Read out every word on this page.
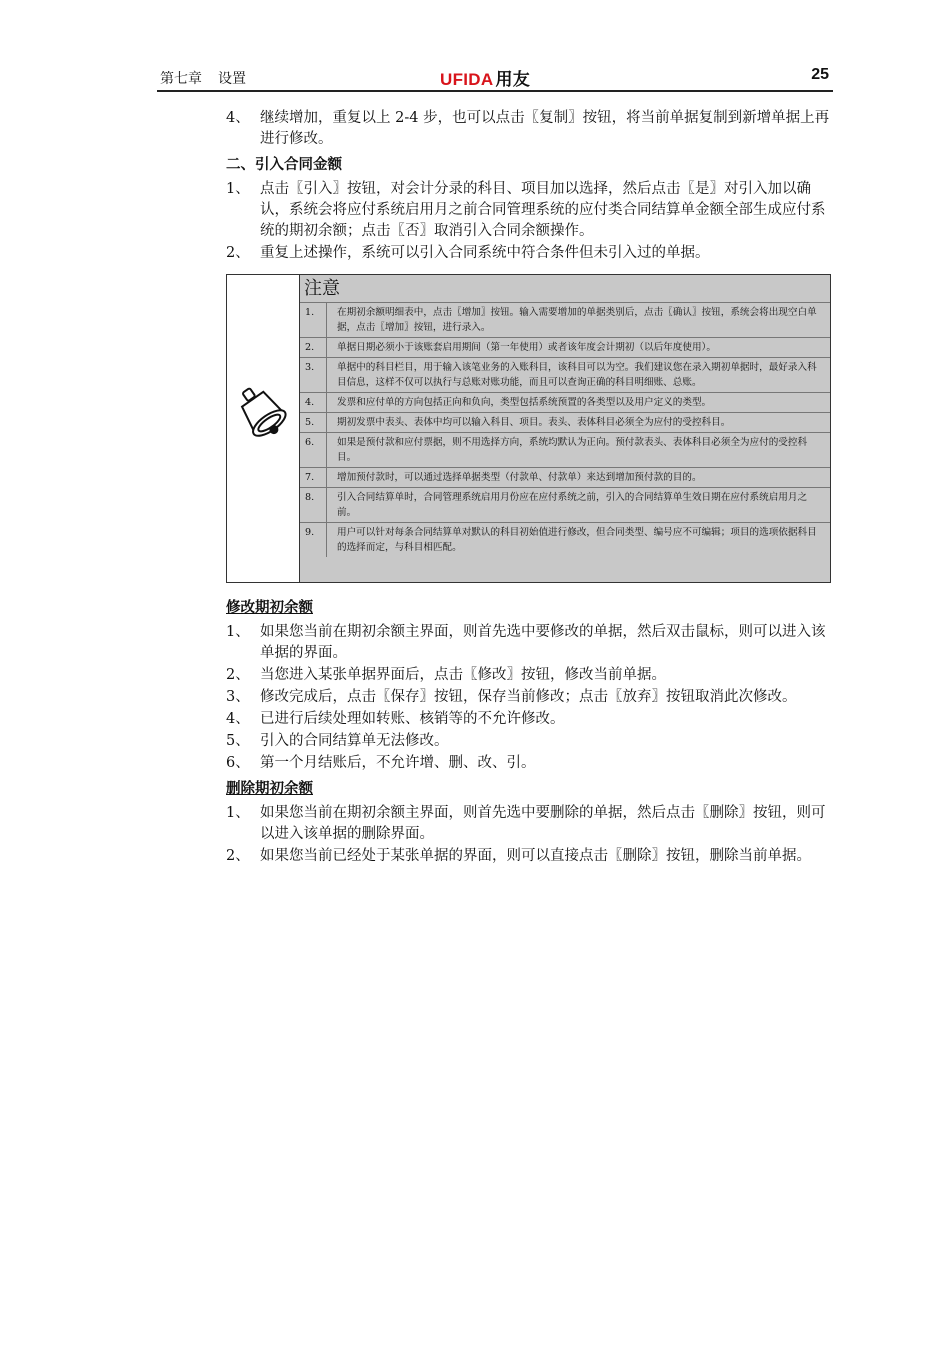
第七章 设置	UFIDA 用友	25
4、 继续增加，重复以上 2-4 步，也可以点击〖复制〗按钮，将当前单据复制到新增单据上再进行修改。
二、引入合同金额
1、 点击〖引入〗按钮，对会计分录的科目、项目加以选择，然后点击〖是〗对引入加以确认，系统会将应付系统启用月之前合同管理系统的应付类合同结算单金额全部生成应付系统的期初余额；点击〖否〗取消引入合同余额操作。
2、 重复上述操作，系统可以引入合同系统中符合条件但未引入过的单据。
注意
1. 在期初余额明细表中，点击〖增加〗按钮。输入需要增加的单据类别后，点击〖确认〗按钮，系统会将出现空白单据，点击〖增加〗按钮，进行录入。
2. 单据日期必须小于该账套启用期间（第一年使用）或者该年度会计期初（以后年度使用）。
3. 单据中的科目栏目，用于输入该笔业务的入账科目，该科目可以为空。我们建议您在录入期初单据时，最好录入科目信息，这样不仅可以执行与总账对账功能，而且可以查询正确的科目明细账、总账。
4. 发票和应付单的方向包括正向和负向，类型包括系统预置的各类型以及用户定义的类型。
5. 期初发票中表头、表体中均可以输入科目、项目。表头、表体科目必须全为应付的受控科目。
6. 如果是预付款和应付票据，则不用选择方向，系统均默认为正向。预付款表头、表体科目必须全为应付的受控科目。
7. 增加预付款时，可以通过选择单据类型（付款单、付款单）来达到增加预付款的目的。
8. 引入合同结算单时，合同管理系统启用月份应在应付系统之前，引入的合同结算单生效日期在应付系统启用月之前。
9. 用户可以针对每条合同结算单对默认的科目初始值进行修改，但合同类型、编号应不可编辑；项目的选项依据科目的选择而定，与科目相匹配。
修改期初余额
1、 如果您当前在期初余额主界面，则首先选中要修改的单据，然后双击鼠标，则可以进入该单据的界面。
2、 当您进入某张单据界面后，点击〖修改〗按钮，修改当前单据。
3、 修改完成后，点击〖保存〗按钮，保存当前修改；点击〖放弃〗按钮取消此次修改。
4、 已进行后续处理如转账、核销等的不允许修改。
5、 引入的合同结算单无法修改。
6、 第一个月结账后，不允许增、删、改、引。
删除期初余额
1、 如果您当前在期初余额主界面，则首先选中要删除的单据，然后点击〖删除〗按钮，则可以进入该单据的删除界面。
2、 如果您当前已经处于某张单据的界面，则可以直接点击〖删除〗按钮，删除当前单据。
